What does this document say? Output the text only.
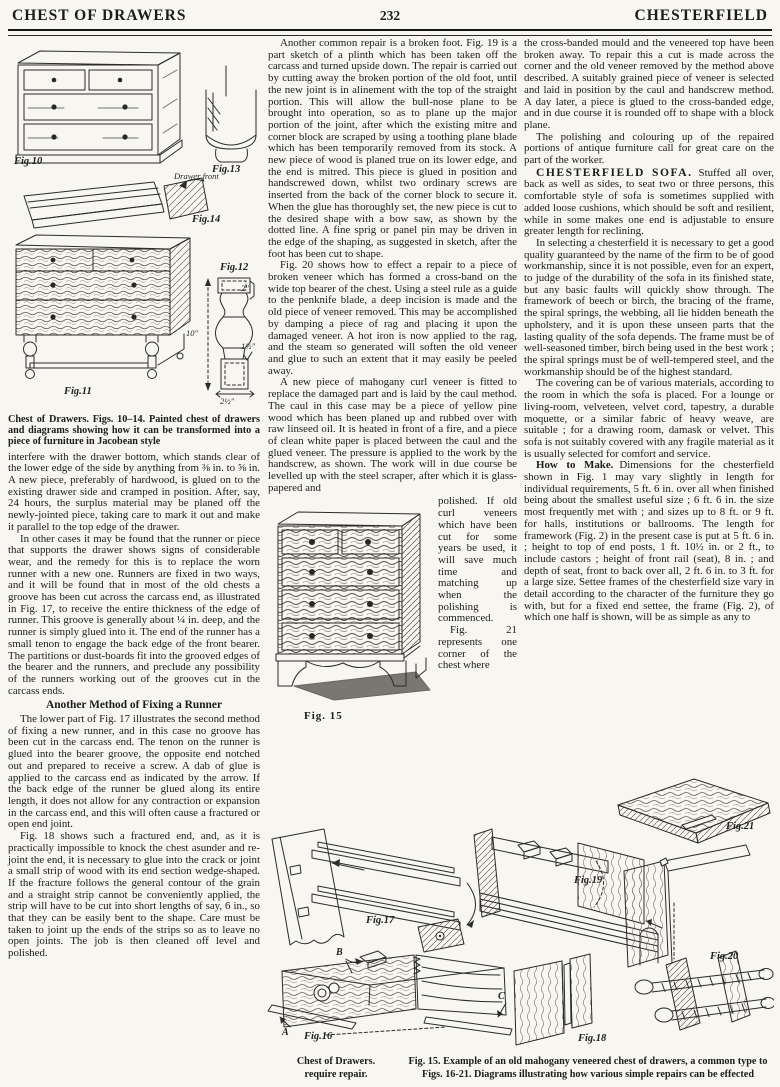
CHEST OF DRAWERS	232	CHESTERFIELD
Fig.10
Fig.13
Drawer front
Fig.14
Fig.12
Fig.11
2″
10″
1½″
2½″
Chest of Drawers. Figs. 10–14. Painted chest of drawers and diagrams showing how it can be transformed into a piece of furniture in Jacobean style

interfere with the drawer bottom, which stands clear of the lower edge of the side by anything from ⅜ in. to ⅝ in. A new piece, preferably of hardwood, is glued on to the existing drawer side and cramped in position. After, say, 24 hours, the surplus material may be planed off the newly-jointed piece, taking care to mark it out and make it parallel to the top edge of the drawer.

In other cases it may be found that the runner or piece that supports the drawer shows signs of considerable wear, and the remedy for this is to replace the worn runner with a new one. Runners are fixed in two ways, and it will be found that in most of the old chests a groove has been cut across the carcass end, as illustrated in Fig. 17, to receive the entire thickness of the edge of runner. This groove is generally about ¼ in. deep, and the runner is simply glued into it. The end of the runner has a small tenon to engage the back edge of the front bearer. The partitions or dust-boards fit into the grooved edges of the bearer and the runners, and preclude any possibility of the runners working out of the grooves cut in the carcass ends.

Another Method of Fixing a Runner

The lower part of Fig. 17 illustrates the second method of fixing a new runner, and in this case no groove has been cut in the carcass end. The tenon on the runner is glued into the bearer groove, the opposite end notched out and prepared to receive a screw. A dab of glue is applied to the carcass end as indicated by the arrow. If the back edge of the runner be glued along its entire length, it does not allow for any contraction or expansion in the carcass end, and this will often cause a fractured or open end joint.

Fig. 18 shows such a fractured end, and, as it is practically impossible to knock the chest asunder and re-joint the end, it is necessary to glue into the crack or joint a small strip of wood with its end section wedge-shaped. If the fracture follows the general contour of the grain and a straight strip cannot be conveniently applied, the strip will have to be cut into short lengths of say, 6 in., so that they can be easily bent to the shape. Care must be taken to joint up the ends of the strips so as to leave no open joints. The job is then cleaned off level and polished.

Another common repair is a broken foot. Fig. 19 is a part sketch of a plinth which has been taken off the carcass and turned upside down. The repair is carried out by cutting away the broken portion of the old foot, until the new joint is in alinement with the top of the straight portion. This will allow the bull-nose plane to be brought into operation, so as to plane up the major portion of the joint, after which the existing mitre and corner block are scraped by using a toothing plane blade which has been temporarily removed from its stock. A new piece of wood is planed true on its lower edge, and the end is mitred. This piece is glued in position and handscrewed down, whilst two ordinary screws are inserted from the back of the corner block to secure it. When the glue has thoroughly set, the new piece is cut to the desired shape with a bow saw, as shown by the dotted line. A fine sprig or panel pin may be driven in the edge of the shaping, as suggested in sketch, after the foot has been cut to shape.

Fig. 20 shows how to effect a repair to a piece of broken veneer which has formed a cross-band on the wide top bearer of the chest. Using a steel rule as a guide to the penknife blade, a deep incision is made and the old piece of veneer removed. This may be accomplished by damping a piece of rag and placing it upon the damaged veneer. A hot iron is now applied to the rag, and the steam so generated will soften the old veneer and glue to such an extent that it may easily be peeled away.

A new piece of mahogany curl veneer is fitted to replace the damaged part and is laid by the caul method. The caul in this case may be a piece of yellow pine wood which has been planed up and rubbed over with raw linseed oil. It is heated in front of a fire, and a piece of clean white paper is placed between the caul and the glued veneer. The pressure is applied to the work by the handscrew, as shown. The work will in due course be levelled up with the steel scraper, after which it is glass-papered and

Fig. 15

polished. If old curl veneers which have been cut for some years be used, it will save much time and matching up when the polishing is commenced.

Fig. 21 represents one corner of the chest where

the cross-banded mould and the veneered top have been broken away. To repair this a cut is made across the corner and the old veneer removed by the method above described. A suitably grained piece of veneer is selected and laid in position by the caul and handscrew method. A day later, a piece is glued to the cross-banded edge, and in due course it is rounded off to shape with a block plane.

The polishing and colouring up of the repaired portions of antique furniture call for great care on the part of the worker.

CHESTERFIELD SOFA. Stuffed all over, back as well as sides, to seat two or three persons, this comfortable style of sofa is sometimes supplied with added loose cushions, which should be soft and resilient, while in some makes one end is adjustable to ensure greater length for reclining.

In selecting a chesterfield it is necessary to get a good quality guaranteed by the name of the firm to be of good workmanship, since it is not possible, even for an expert, to judge of the durability of the sofa in its finished state, but any basic faults will quickly show through. The framework of beech or birch, the bracing of the frame, the spiral springs, the webbing, all lie hidden beneath the upholstery, and it is upon these unseen parts that the lasting quality of the sofa depends. The frame must be of well-seasoned timber, birch being used in the best work ; the spiral springs must be of well-tempered steel, and the workmanship should be of the highest standard.

The covering can be of various materials, according to the room in which the sofa is placed. For a lounge or living-room, velveteen, velvet cord, tapestry, a durable moquette, or a similar fabric of heavy weave, are suitable ; for a drawing room, damask or velvet. This sofa is not suitably covered with any fragile material as it is usually selected for comfort and service.

How to Make. Dimensions for the chesterfield shown in Fig. 1 may vary slightly in length for individual requirements, 5 ft. 6 in. over all when finished being about the smallest useful size ; 6 ft. 6 in. the size most frequently met with ; and sizes up to 8 ft. or 9 ft. for halls, institutions or ballrooms. The length for framework (Fig. 2) in the present case is put at 5 ft. 6 in. ; height to top of end posts, 1 ft. 10½ in. or 2 ft., to include castors ; height of front rail (seat), 8 in. ; and depth of seat, front to back over all, 2 ft. 6 in. to 3 ft. for a large size. Settee frames of the chesterfield size vary in detail according to the character of the furniture they go with, but for a fixed end settee, the frame (Fig. 2), of which one half is shown, will be as simple as any to

Fig.17
Fig.19
Fig.21
Fig.16	Fig.18
Fig.20
A
B
C
Chest of Drawers.
require repair.
Fig. 15. Example of an old mahogany veneered chest of drawers, a common type to
Figs. 16-21. Diagrams illustrating how various simple repairs can be effected
